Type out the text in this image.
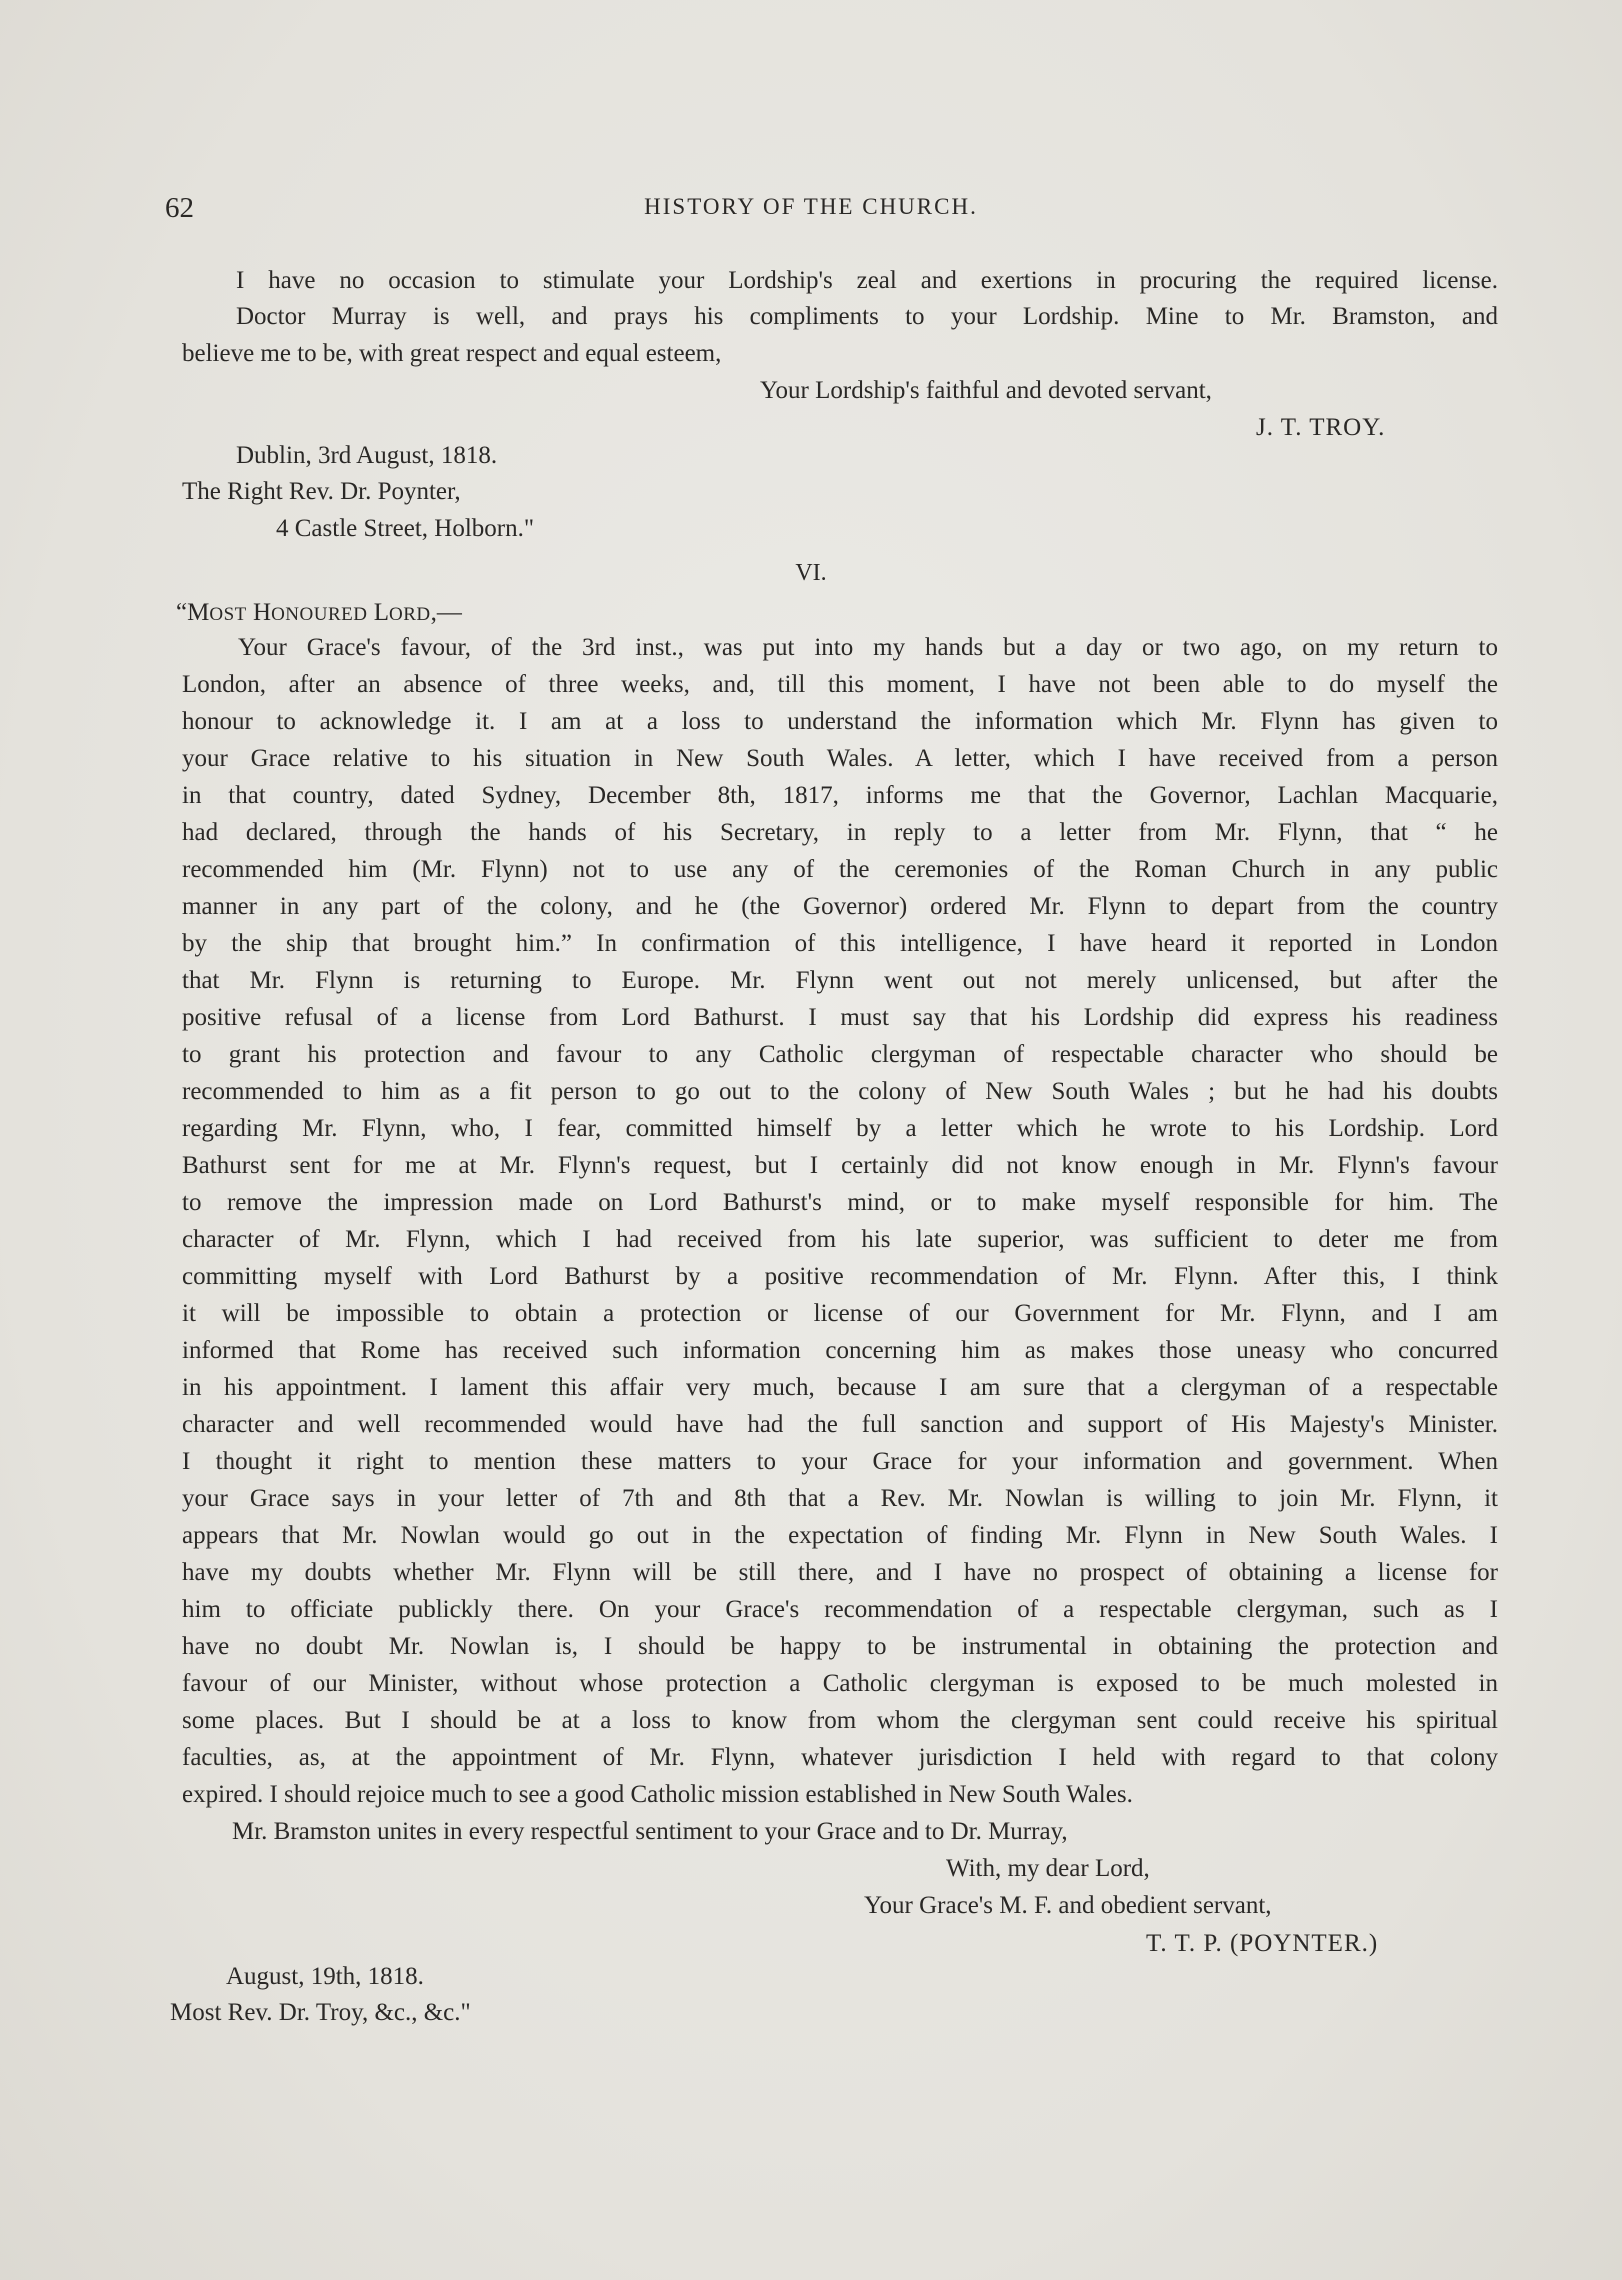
62	HISTORY OF THE CHURCH.
I have no occasion to stimulate your Lordship's zeal and exertions in procuring the required license.
Doctor Murray is well, and prays his compliments to your Lordship. Mine to Mr. Bramston, and
believe me to be, with great respect and equal esteem,
Your Lordship's faithful and devoted servant,
J. T. TROY.
Dublin, 3rd August, 1818.
The Right Rev. Dr. Poynter,
4 Castle Street, Holborn."
VI.
“MOST HONOURED LORD,—
Your Grace's favour, of the 3rd inst., was put into my hands but a day or two ago, on my return to
London, after an absence of three weeks, and, till this moment, I have not been able to do myself the
honour to acknowledge it. I am at a loss to understand the information which Mr. Flynn has given to
your Grace relative to his situation in New South Wales. A letter, which I have received from a person
in that country, dated Sydney, December 8th, 1817, informs me that the Governor, Lachlan Macquarie,
had declared, through the hands of his Secretary, in reply to a letter from Mr. Flynn, that “ he
recommended him (Mr. Flynn) not to use any of the ceremonies of the Roman Church in any public
manner in any part of the colony, and he (the Governor) ordered Mr. Flynn to depart from the country
by the ship that brought him.” In confirmation of this intelligence, I have heard it reported in London
that Mr. Flynn is returning to Europe. Mr. Flynn went out not merely unlicensed, but after the
positive refusal of a license from Lord Bathurst. I must say that his Lordship did express his readiness
to grant his protection and favour to any Catholic clergyman of respectable character who should be
recommended to him as a fit person to go out to the colony of New South Wales ; but he had his doubts
regarding Mr. Flynn, who, I fear, committed himself by a letter which he wrote to his Lordship. Lord
Bathurst sent for me at Mr. Flynn's request, but I certainly did not know enough in Mr. Flynn's favour
to remove the impression made on Lord Bathurst's mind, or to make myself responsible for him. The
character of Mr. Flynn, which I had received from his late superior, was sufficient to deter me from
committing myself with Lord Bathurst by a positive recommendation of Mr. Flynn. After this, I think
it will be impossible to obtain a protection or license of our Government for Mr. Flynn, and I am
informed that Rome has received such information concerning him as makes those uneasy who concurred
in his appointment. I lament this affair very much, because I am sure that a clergyman of a respectable
character and well recommended would have had the full sanction and support of His Majesty's Minister.
I thought it right to mention these matters to your Grace for your information and government. When
your Grace says in your letter of 7th and 8th that a Rev. Mr. Nowlan is willing to join Mr. Flynn, it
appears that Mr. Nowlan would go out in the expectation of finding Mr. Flynn in New South Wales. I
have my doubts whether Mr. Flynn will be still there, and I have no prospect of obtaining a license for
him to officiate publickly there. On your Grace's recommendation of a respectable clergyman, such as I
have no doubt Mr. Nowlan is, I should be happy to be instrumental in obtaining the protection and
favour of our Minister, without whose protection a Catholic clergyman is exposed to be much molested in
some places. But I should be at a loss to know from whom the clergyman sent could receive his spiritual
faculties, as, at the appointment of Mr. Flynn, whatever jurisdiction I held with regard to that colony
expired. I should rejoice much to see a good Catholic mission established in New South Wales.
Mr. Bramston unites in every respectful sentiment to your Grace and to Dr. Murray,
With, my dear Lord,
Your Grace's M. F. and obedient servant,
T. T. P. (POYNTER.)
August, 19th, 1818.
Most Rev. Dr. Troy, &c., &c."
